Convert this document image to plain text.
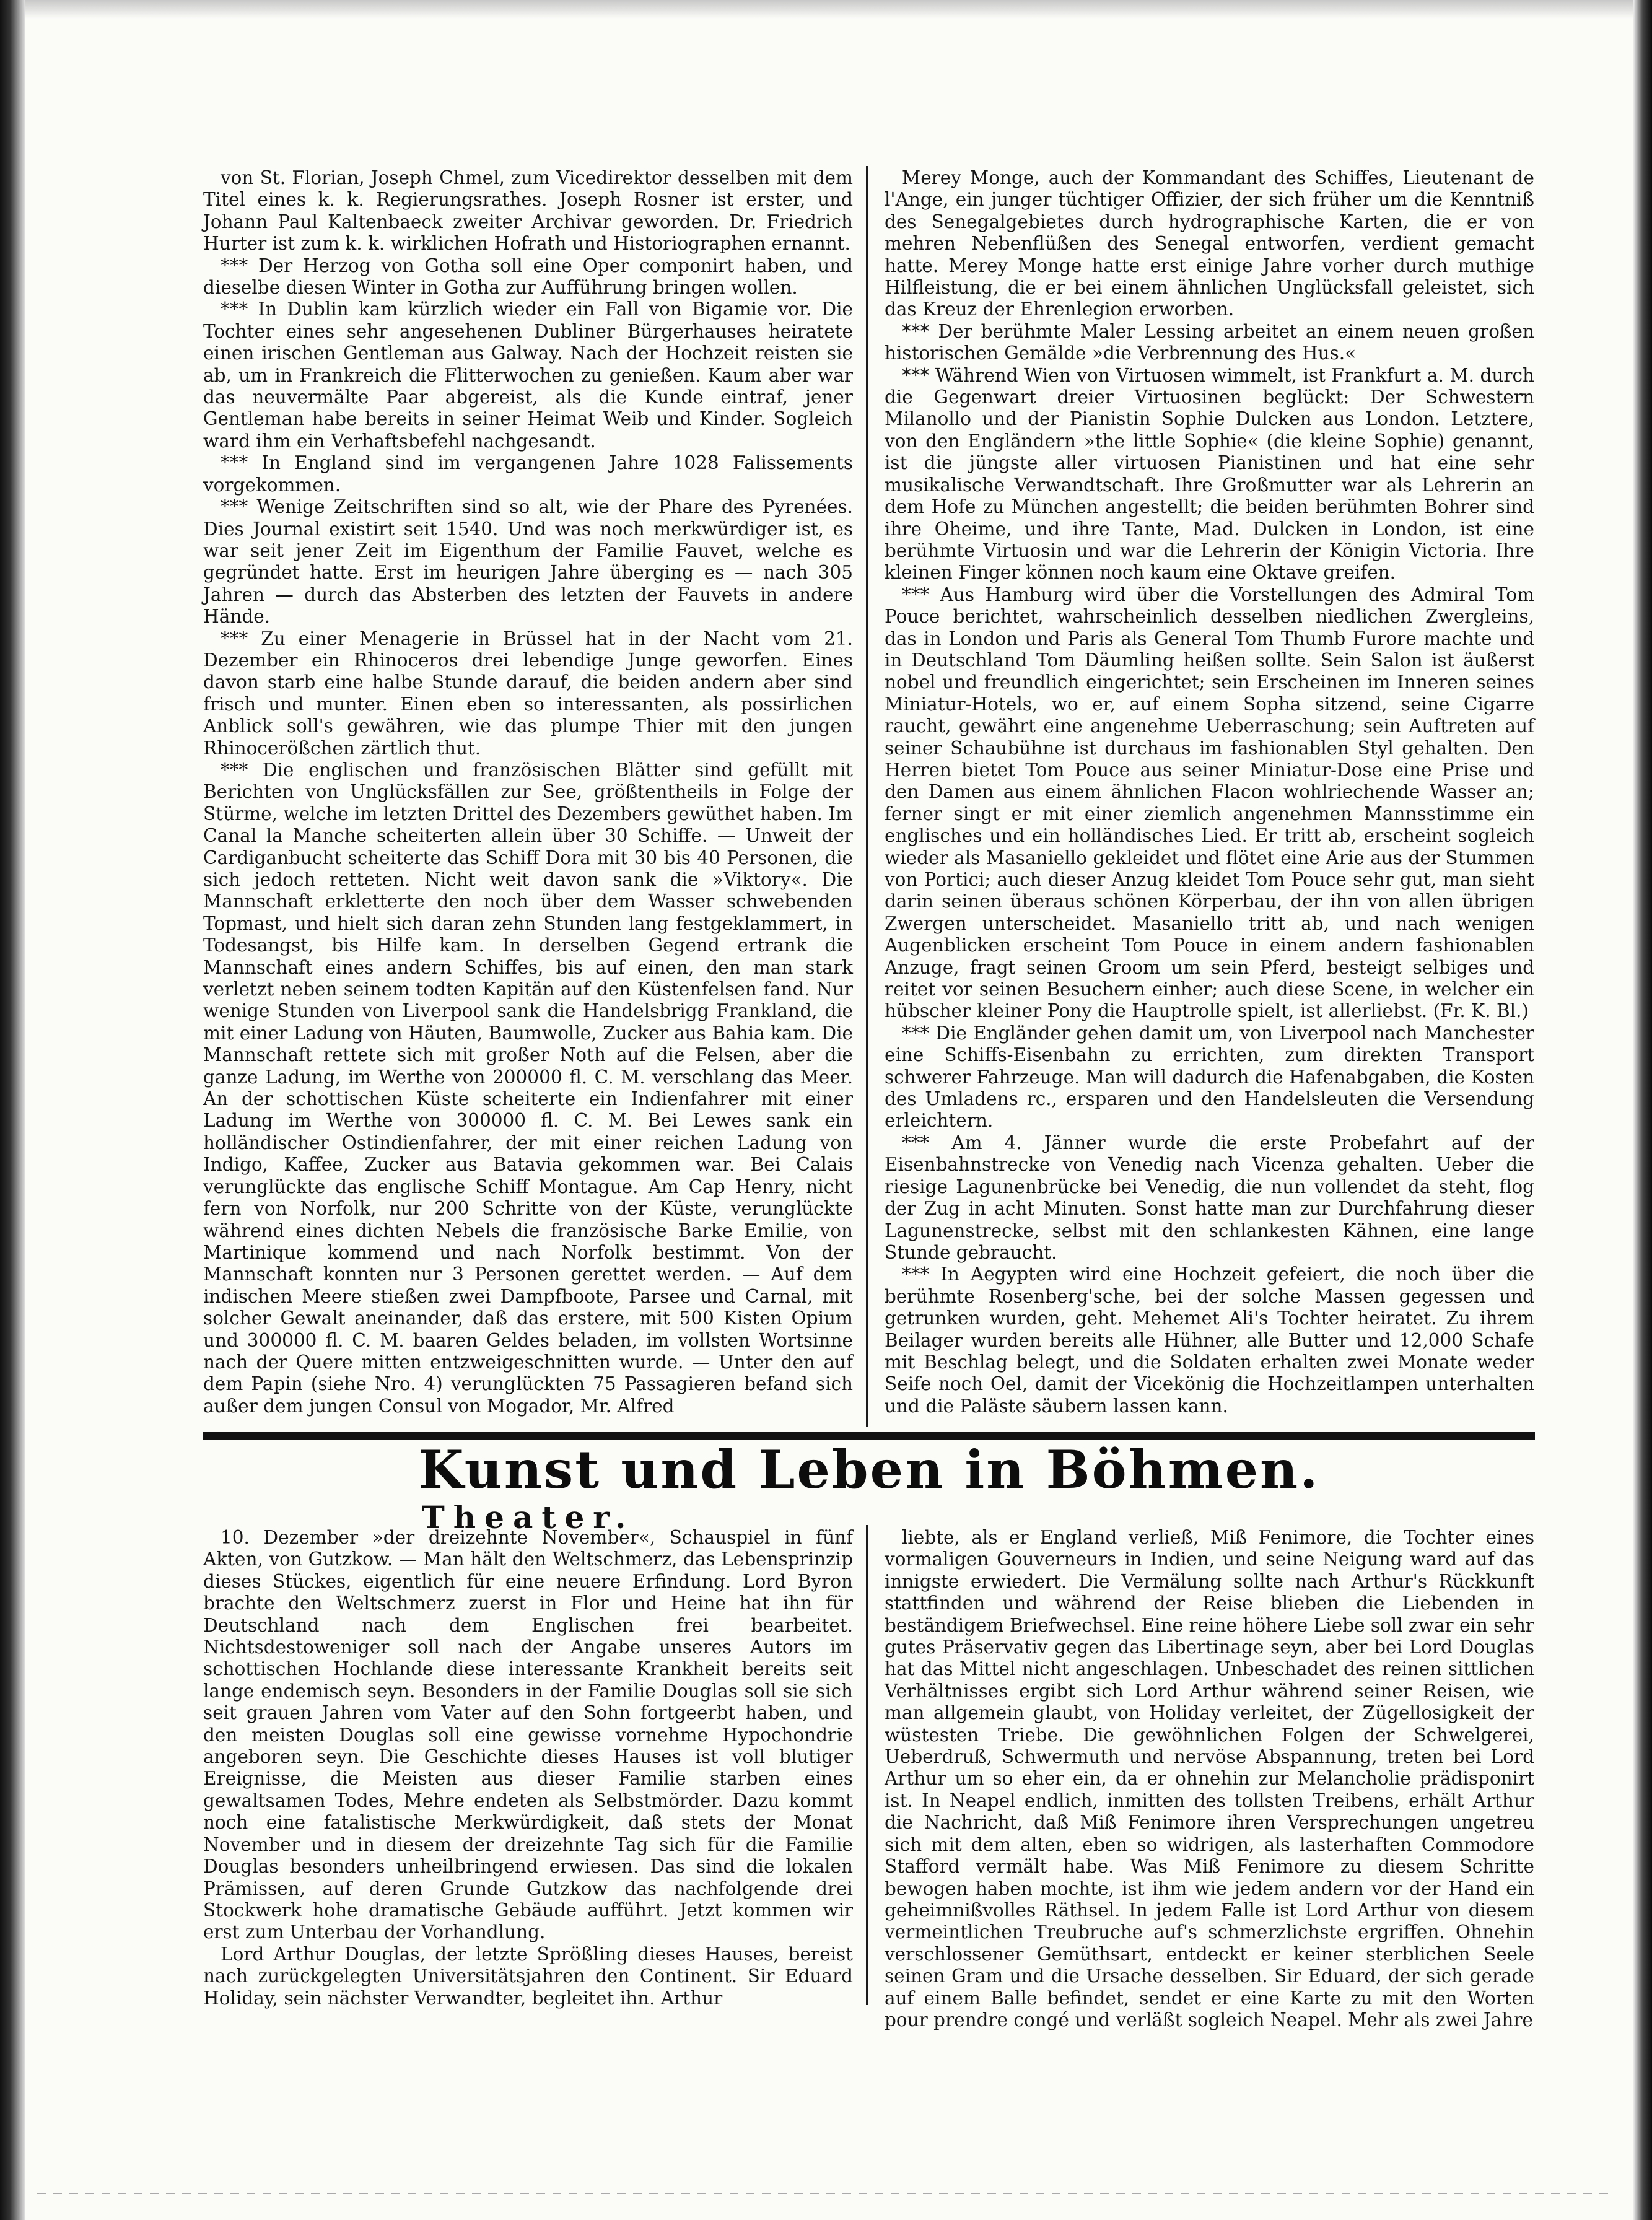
von St. Florian, Joseph Chmel, zum Vicedirektor desselben mit dem Titel eines k. k. Regierungsrathes. Joseph Rosner ist erster, und Johann Paul Kaltenbaeck zweiter Archivar geworden. Dr. Friedrich Hurter ist zum k. k. wirklichen Hofrath und Historiographen ernannt.

*** Der Herzog von Gotha soll eine Oper componirt haben, und dieselbe diesen Winter in Gotha zur Aufführung bringen wollen.

*** In Dublin kam kürzlich wieder ein Fall von Bigamie vor. Die Tochter eines sehr angesehenen Dubliner Bürgerhauses heiratete einen irischen Gentleman aus Galway. Nach der Hochzeit reisten sie ab, um in Frankreich die Flitterwochen zu genießen. Kaum aber war das neuvermälte Paar abgereist, als die Kunde eintraf, jener Gentleman habe bereits in seiner Heimat Weib und Kinder. Sogleich ward ihm ein Verhaftsbefehl nachgesandt.

*** In England sind im vergangenen Jahre 1028 Falissements vorgekommen.

*** Wenige Zeitschriften sind so alt, wie der Phare des Pyrenées. Dies Journal existirt seit 1540. Und was noch merkwürdiger ist, es war seit jener Zeit im Eigenthum der Familie Fauvet, welche es gegründet hatte. Erst im heurigen Jahre überging es — nach 305 Jahren — durch das Absterben des letzten der Fauvets in andere Hände.

*** Zu einer Menagerie in Brüssel hat in der Nacht vom 21. Dezember ein Rhinoceros drei lebendige Junge geworfen. Eines davon starb eine halbe Stunde darauf, die beiden andern aber sind frisch und munter. Einen eben so interessanten, als possirlichen Anblick soll's gewähren, wie das plumpe Thier mit den jungen Rhinocerößchen zärtlich thut.

*** Die englischen und französischen Blätter sind gefüllt mit Berichten von Unglücksfällen zur See, größtentheils in Folge der Stürme, welche im letzten Drittel des Dezembers gewüthet haben. Im Canal la Manche scheiterten allein über 30 Schiffe. — Unweit der Cardiganbucht scheiterte das Schiff Dora mit 30 bis 40 Personen, die sich jedoch retteten. Nicht weit davon sank die »Viktory«. Die Mannschaft erkletterte den noch über dem Wasser schwebenden Topmast, und hielt sich daran zehn Stunden lang festgeklammert, in Todesangst, bis Hilfe kam. In derselben Gegend ertrank die Mannschaft eines andern Schiffes, bis auf einen, den man stark verletzt neben seinem todten Kapitän auf den Küstenfelsen fand. Nur wenige Stunden von Liverpool sank die Handelsbrigg Frankland, die mit einer Ladung von Häuten, Baumwolle, Zucker aus Bahia kam. Die Mannschaft rettete sich mit großer Noth auf die Felsen, aber die ganze Ladung, im Werthe von 200000 fl. C. M. verschlang das Meer. An der schottischen Küste scheiterte ein Indienfahrer mit einer Ladung im Werthe von 300000 fl. C. M. Bei Lewes sank ein holländischer Ostindienfahrer, der mit einer reichen Ladung von Indigo, Kaffee, Zucker aus Batavia gekommen war. Bei Calais verunglückte das englische Schiff Montague. Am Cap Henry, nicht fern von Norfolk, nur 200 Schritte von der Küste, verunglückte während eines dichten Nebels die französische Barke Emilie, von Martinique kommend und nach Norfolk bestimmt. Von der Mannschaft konnten nur 3 Personen gerettet werden. — Auf dem indischen Meere stießen zwei Dampfboote, Parsee und Carnal, mit solcher Gewalt aneinander, daß das erstere, mit 500 Kisten Opium und 300000 fl. C. M. baaren Geldes beladen, im vollsten Wortsinne nach der Quere mitten entzweigeschnitten wurde. — Unter den auf dem Papin (siehe Nro. 4) verunglückten 75 Passagieren befand sich außer dem jungen Consul von Mogador, Mr. Alfred

Merey Monge, auch der Kommandant des Schiffes, Lieutenant de l'Ange, ein junger tüchtiger Offizier, der sich früher um die Kenntniß des Senegalgebietes durch hydrographische Karten, die er von mehren Nebenflüßen des Senegal entworfen, verdient gemacht hatte. Merey Monge hatte erst einige Jahre vorher durch muthige Hilfleistung, die er bei einem ähnlichen Unglücksfall geleistet, sich das Kreuz der Ehrenlegion erworben.

*** Der berühmte Maler Lessing arbeitet an einem neuen großen historischen Gemälde »die Verbrennung des Hus.«

*** Während Wien von Virtuosen wimmelt, ist Frankfurt a. M. durch die Gegenwart dreier Virtuosinen beglückt: Der Schwestern Milanollo und der Pianistin Sophie Dulcken aus London. Letztere, von den Engländern »the little Sophie« (die kleine Sophie) genannt, ist die jüngste aller virtuosen Pianistinen und hat eine sehr musikalische Verwandtschaft. Ihre Großmutter war als Lehrerin an dem Hofe zu München angestellt; die beiden berühmten Bohrer sind ihre Oheime, und ihre Tante, Mad. Dulcken in London, ist eine berühmte Virtuosin und war die Lehrerin der Königin Victoria. Ihre kleinen Finger können noch kaum eine Oktave greifen.

*** Aus Hamburg wird über die Vorstellungen des Admiral Tom Pouce berichtet, wahrscheinlich desselben niedlichen Zwergleins, das in London und Paris als General Tom Thumb Furore machte und in Deutschland Tom Däumling heißen sollte. Sein Salon ist äußerst nobel und freundlich eingerichtet; sein Erscheinen im Inneren seines Miniatur-Hotels, wo er, auf einem Sopha sitzend, seine Cigarre raucht, gewährt eine angenehme Ueberraschung; sein Auftreten auf seiner Schaubühne ist durchaus im fashionablen Styl gehalten. Den Herren bietet Tom Pouce aus seiner Miniatur-Dose eine Prise und den Damen aus einem ähnlichen Flacon wohlriechende Wasser an; ferner singt er mit einer ziemlich angenehmen Mannsstimme ein englisches und ein holländisches Lied. Er tritt ab, erscheint sogleich wieder als Masaniello gekleidet und flötet eine Arie aus der Stummen von Portici; auch dieser Anzug kleidet Tom Pouce sehr gut, man sieht darin seinen überaus schönen Körperbau, der ihn von allen übrigen Zwergen unterscheidet. Masaniello tritt ab, und nach wenigen Augenblicken erscheint Tom Pouce in einem andern fashionablen Anzuge, fragt seinen Groom um sein Pferd, besteigt selbiges und reitet vor seinen Besuchern einher; auch diese Scene, in welcher ein hübscher kleiner Pony die Hauptrolle spielt, ist allerliebst. (Fr. K. Bl.)

*** Die Engländer gehen damit um, von Liverpool nach Manchester eine Schiffs-Eisenbahn zu errichten, zum direkten Transport schwerer Fahrzeuge. Man will dadurch die Hafenabgaben, die Kosten des Umladens rc., ersparen und den Handelsleuten die Versendung erleichtern.

*** Am 4. Jänner wurde die erste Probefahrt auf der Eisenbahnstrecke von Venedig nach Vicenza gehalten. Ueber die riesige Lagunenbrücke bei Venedig, die nun vollendet da steht, flog der Zug in acht Minuten. Sonst hatte man zur Durchfahrung dieser Lagunenstrecke, selbst mit den schlankesten Kähnen, eine lange Stunde gebraucht.

*** In Aegypten wird eine Hochzeit gefeiert, die noch über die berühmte Rosenberg'sche, bei der solche Massen gegessen und getrunken wurden, geht. Mehemet Ali's Tochter heiratet. Zu ihrem Beilager wurden bereits alle Hühner, alle Butter und 12,000 Schafe mit Beschlag belegt, und die Soldaten erhalten zwei Monate weder Seife noch Oel, damit der Vicekönig die Hochzeitlampen unterhalten und die Paläste säubern lassen kann.

Kunst und Leben in Böhmen.
Theater.

10. Dezember »der dreizehnte November«, Schauspiel in fünf Akten, von Gutzkow. — Man hält den Weltschmerz, das Lebensprinzip dieses Stückes, eigentlich für eine neuere Erfindung. Lord Byron brachte den Weltschmerz zuerst in Flor und Heine hat ihn für Deutschland nach dem Englischen frei bearbeitet. Nichtsdestoweniger soll nach der Angabe unseres Autors im schottischen Hochlande diese interessante Krankheit bereits seit lange endemisch seyn. Besonders in der Familie Douglas soll sie sich seit grauen Jahren vom Vater auf den Sohn fortgeerbt haben, und den meisten Douglas soll eine gewisse vornehme Hypochondrie angeboren seyn. Die Geschichte dieses Hauses ist voll blutiger Ereignisse, die Meisten aus dieser Familie starben eines gewaltsamen Todes, Mehre endeten als Selbstmörder. Dazu kommt noch eine fatalistische Merkwürdigkeit, daß stets der Monat November und in diesem der dreizehnte Tag sich für die Familie Douglas besonders unheilbringend erwiesen. Das sind die lokalen Prämissen, auf deren Grunde Gutzkow das nachfolgende drei Stockwerk hohe dramatische Gebäude aufführt. Jetzt kommen wir erst zum Unterbau der Vorhandlung.

Lord Arthur Douglas, der letzte Sprößling dieses Hauses, bereist nach zurückgelegten Universitätsjahren den Continent. Sir Eduard Holiday, sein nächster Verwandter, begleitet ihn. Arthur

liebte, als er England verließ, Miß Fenimore, die Tochter eines vormaligen Gouverneurs in Indien, und seine Neigung ward auf das innigste erwiedert. Die Vermälung sollte nach Arthur's Rückkunft stattfinden und während der Reise blieben die Liebenden in beständigem Briefwechsel. Eine reine höhere Liebe soll zwar ein sehr gutes Präservativ gegen das Libertinage seyn, aber bei Lord Douglas hat das Mittel nicht angeschlagen. Unbeschadet des reinen sittlichen Verhältnisses ergibt sich Lord Arthur während seiner Reisen, wie man allgemein glaubt, von Holiday verleitet, der Zügellosigkeit der wüstesten Triebe. Die gewöhnlichen Folgen der Schwelgerei, Ueberdruß, Schwermuth und nervöse Abspannung, treten bei Lord Arthur um so eher ein, da er ohnehin zur Melancholie prädisponirt ist. In Neapel endlich, inmitten des tollsten Treibens, erhält Arthur die Nachricht, daß Miß Fenimore ihren Versprechungen ungetreu sich mit dem alten, eben so widrigen, als lasterhaften Commodore Stafford vermält habe. Was Miß Fenimore zu diesem Schritte bewogen haben mochte, ist ihm wie jedem andern vor der Hand ein geheimnißvolles Räthsel. In jedem Falle ist Lord Arthur von diesem vermeintlichen Treubruche auf's schmerzlichste ergriffen. Ohnehin verschlossener Gemüthsart, entdeckt er keiner sterblichen Seele seinen Gram und die Ursache desselben. Sir Eduard, der sich gerade auf einem Balle befindet, sendet er eine Karte zu mit den Worten pour prendre congé und verläßt sogleich Neapel. Mehr als zwei Jahre
